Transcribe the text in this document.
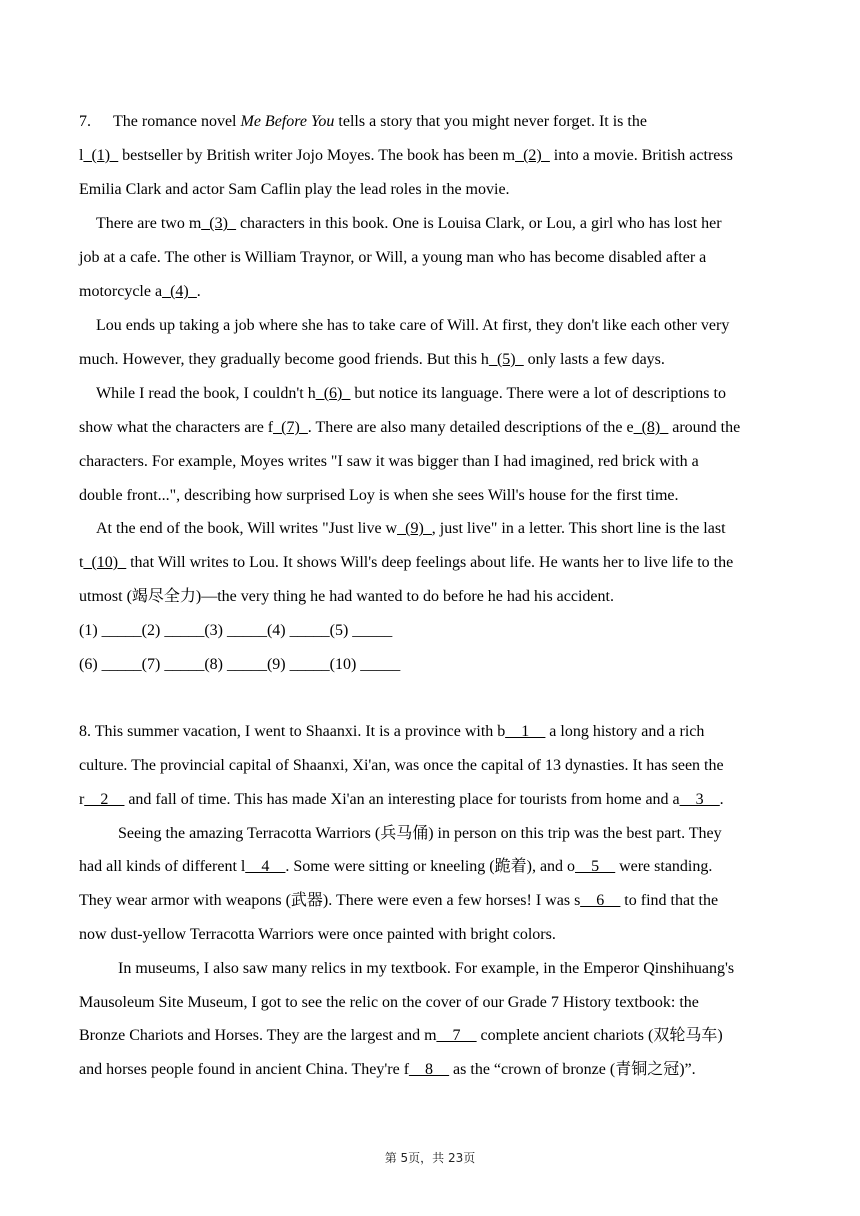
7. The romance novel Me Before You tells a story that you might never forget. It is the
l_(1)_ bestseller by British writer Jojo Moyes. The book has been m_(2)_ into a movie. British actress
Emilia Clark and actor Sam Caflin play the lead roles in the movie.
There are two m_(3)_ characters in this book. One is Louisa Clark, or Lou, a girl who has lost her
job at a cafe. The other is William Traynor, or Will, a young man who has become disabled after a
motorcycle a_(4)_.
Lou ends up taking a job where she has to take care of Will. At first, they don't like each other very
much. However, they gradually become good friends. But this h_(5)_ only lasts a few days.
While I read the book, I couldn't h_(6)_ but notice its language. There were a lot of descriptions to
show what the characters are f_(7)_. There are also many detailed descriptions of the e_(8)_ around the
characters. For example, Moyes writes "I saw it was bigger than I had imagined, red brick with a
double front...", describing how surprised Loy is when she sees Will's house for the first time.
At the end of the book, Will writes "Just live w_(9)_, just live" in a letter. This short line is the last
t_(10)_ that Will writes to Lou. It shows Will's deep feelings about life. He wants her to live life to the
utmost (竭尽全力)—the very thing he had wanted to do before he had his accident.
(1) _____(2) _____(3) _____(4) _____(5) _____
(6) _____(7) _____(8) _____(9) _____(10) _____
8. This summer vacation, I went to Shaanxi. It is a province with b__1__ a long history and a rich
culture. The provincial capital of Shaanxi, Xi'an, was once the capital of 13 dynasties. It has seen the
r__2__ and fall of time. This has made Xi'an an interesting place for tourists from home and a__3__.
Seeing the amazing Terracotta Warriors (兵马俑) in person on this trip was the best part. They
had all kinds of different l__4__. Some were sitting or kneeling (跪着), and o__5__ were standing.
They wear armor with weapons (武器). There were even a few horses! I was s__6__ to find that the
now dust-yellow Terracotta Warriors were once painted with bright colors.
In museums, I also saw many relics in my textbook. For example, in the Emperor Qinshihuang's
Mausoleum Site Museum, I got to see the relic on the cover of our Grade 7 History textbook: the
Bronze Chariots and Horses. They are the largest and m__7__ complete ancient chariots (双轮马车)
and horses people found in ancient China. They're f__8__ as the “crown of bronze (青铜之冠)”.
第 5页，共 23页
